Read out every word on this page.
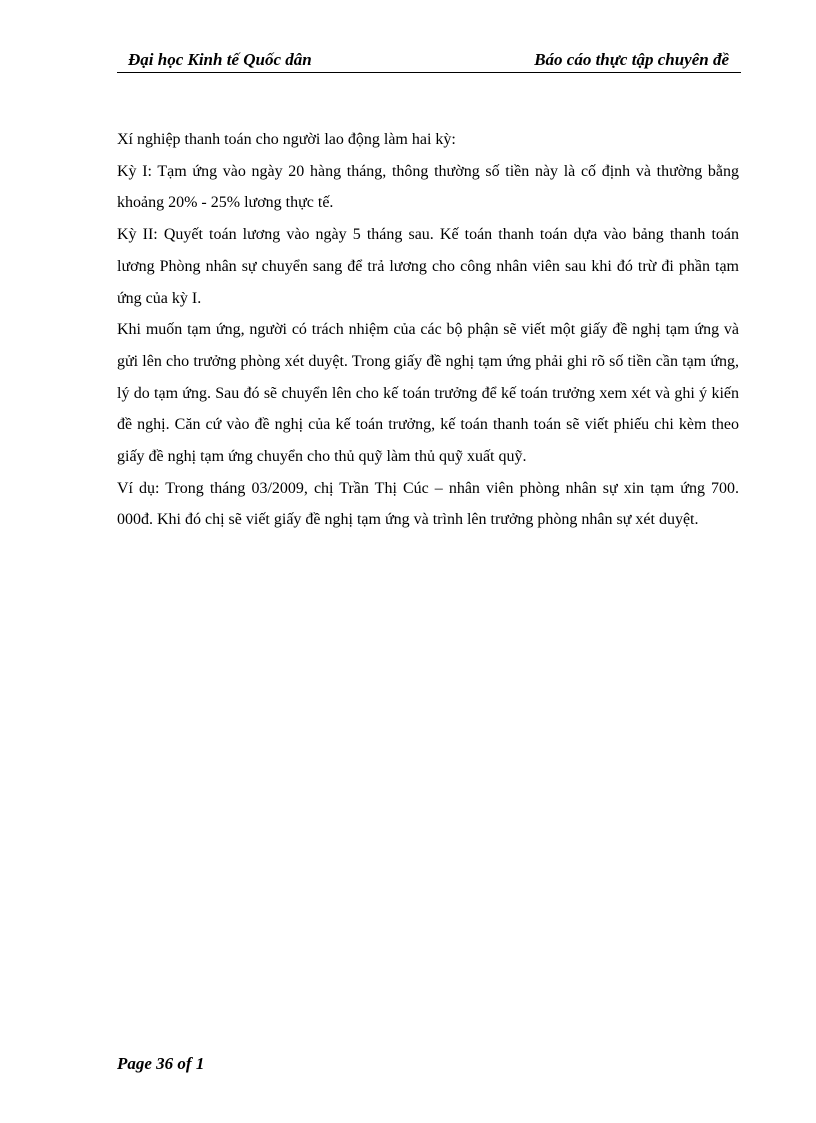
Đại học Kinh tế Quốc dân	Báo cáo thực tập chuyên đề

Xí nghiệp thanh toán cho người lao động làm hai kỳ:

Kỳ I: Tạm ứng vào ngày 20 hàng tháng, thông thường số tiền này là cố định và thường bằng khoảng 20% - 25% lương thực tế.

Kỳ II: Quyết toán lương vào ngày 5 tháng sau. Kế toán thanh toán dựa vào bảng thanh toán lương Phòng nhân sự chuyển sang để trả lương cho công nhân viên sau khi đó trừ đi phần tạm ứng của kỳ I.

Khi muốn tạm ứng, người có trách nhiệm của các bộ phận sẽ viết một giấy đề nghị tạm ứng và gửi lên cho trưởng phòng xét duyệt. Trong giấy đề nghị tạm ứng phải ghi rõ số tiền cần tạm ứng, lý do tạm ứng. Sau đó sẽ chuyển lên cho kế toán trưởng để kế toán trưởng xem xét và ghi ý kiến đề nghị. Căn cứ vào đề nghị của kế toán trưởng, kế toán thanh toán sẽ viết phiếu chi kèm theo giấy đề nghị tạm ứng chuyển cho thủ quỹ làm thủ quỹ xuất quỹ.

Ví dụ: Trong tháng 03/2009, chị Trần Thị Cúc – nhân viên phòng nhân sự xin tạm ứng 700. 000đ. Khi đó chị sẽ viết giấy đề nghị tạm ứng và trình lên trưởng phòng nhân sự xét duyệt.

Page 36 of 1
